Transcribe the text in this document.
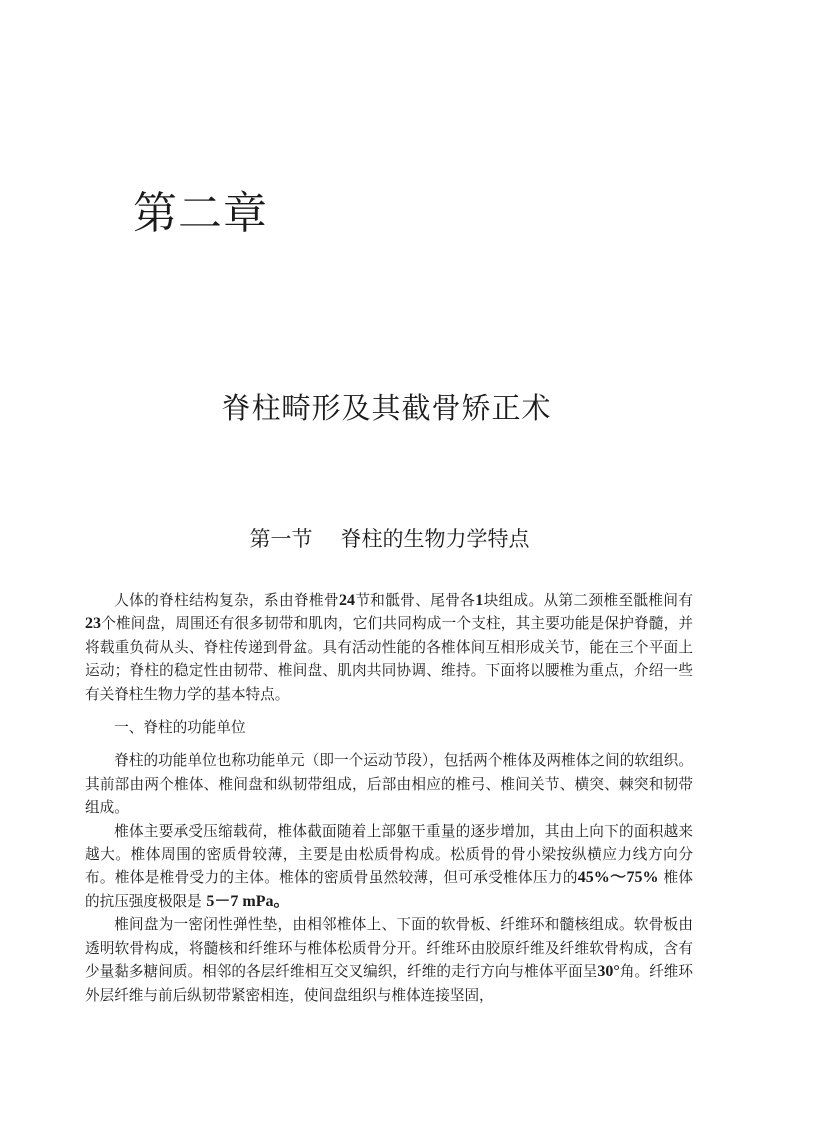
第二章
脊柱畸形及其截骨矫正术
第一节 脊柱的生物力学特点

人体的脊柱结构复杂，系由脊椎骨24节和骶骨、尾骨各1块组成。从第二颈椎至骶椎间有23个椎间盘，周围还有很多韧带和肌肉，它们共同构成一个支柱，其主要功能是保护脊髓，并将载重负荷从头、脊柱传递到骨盆。具有活动性能的各椎体间互相形成关节，能在三个平面上运动；脊柱的稳定性由韧带、椎间盘、肌肉共同协调、维持。下面将以腰椎为重点，介绍一些有关脊柱生物力学的基本特点。

一、脊柱的功能单位

脊柱的功能单位也称功能单元（即一个运动节段），包括两个椎体及两椎体之间的软组织。其前部由两个椎体、椎间盘和纵韧带组成，后部由相应的椎弓、椎间关节、横突、棘突和韧带组成。

椎体主要承受压缩载荷，椎体截面随着上部躯干重量的逐步增加，其由上向下的面积越来越大。椎体周围的密质骨较薄，主要是由松质骨构成。松质骨的骨小梁按纵横应力线方向分布。椎体是椎骨受力的主体。椎体的密质骨虽然较薄，但可承受椎体压力的45%～75% 椎体的抗压强度极限是 5－7 mPa。

椎间盘为一密闭性弹性垫，由相邻椎体上、下面的软骨板、纤维环和髓核组成。软骨板由透明软骨构成，将髓核和纤维环与椎体松质骨分开。纤维环由胶原纤维及纤维软骨构成，含有少量黏多糖间质。相邻的各层纤维相互交叉编织，纤维的走行方向与椎体平面呈30°角。纤维环外层纤维与前后纵韧带紧密相连，使间盘组织与椎体连接坚固，
